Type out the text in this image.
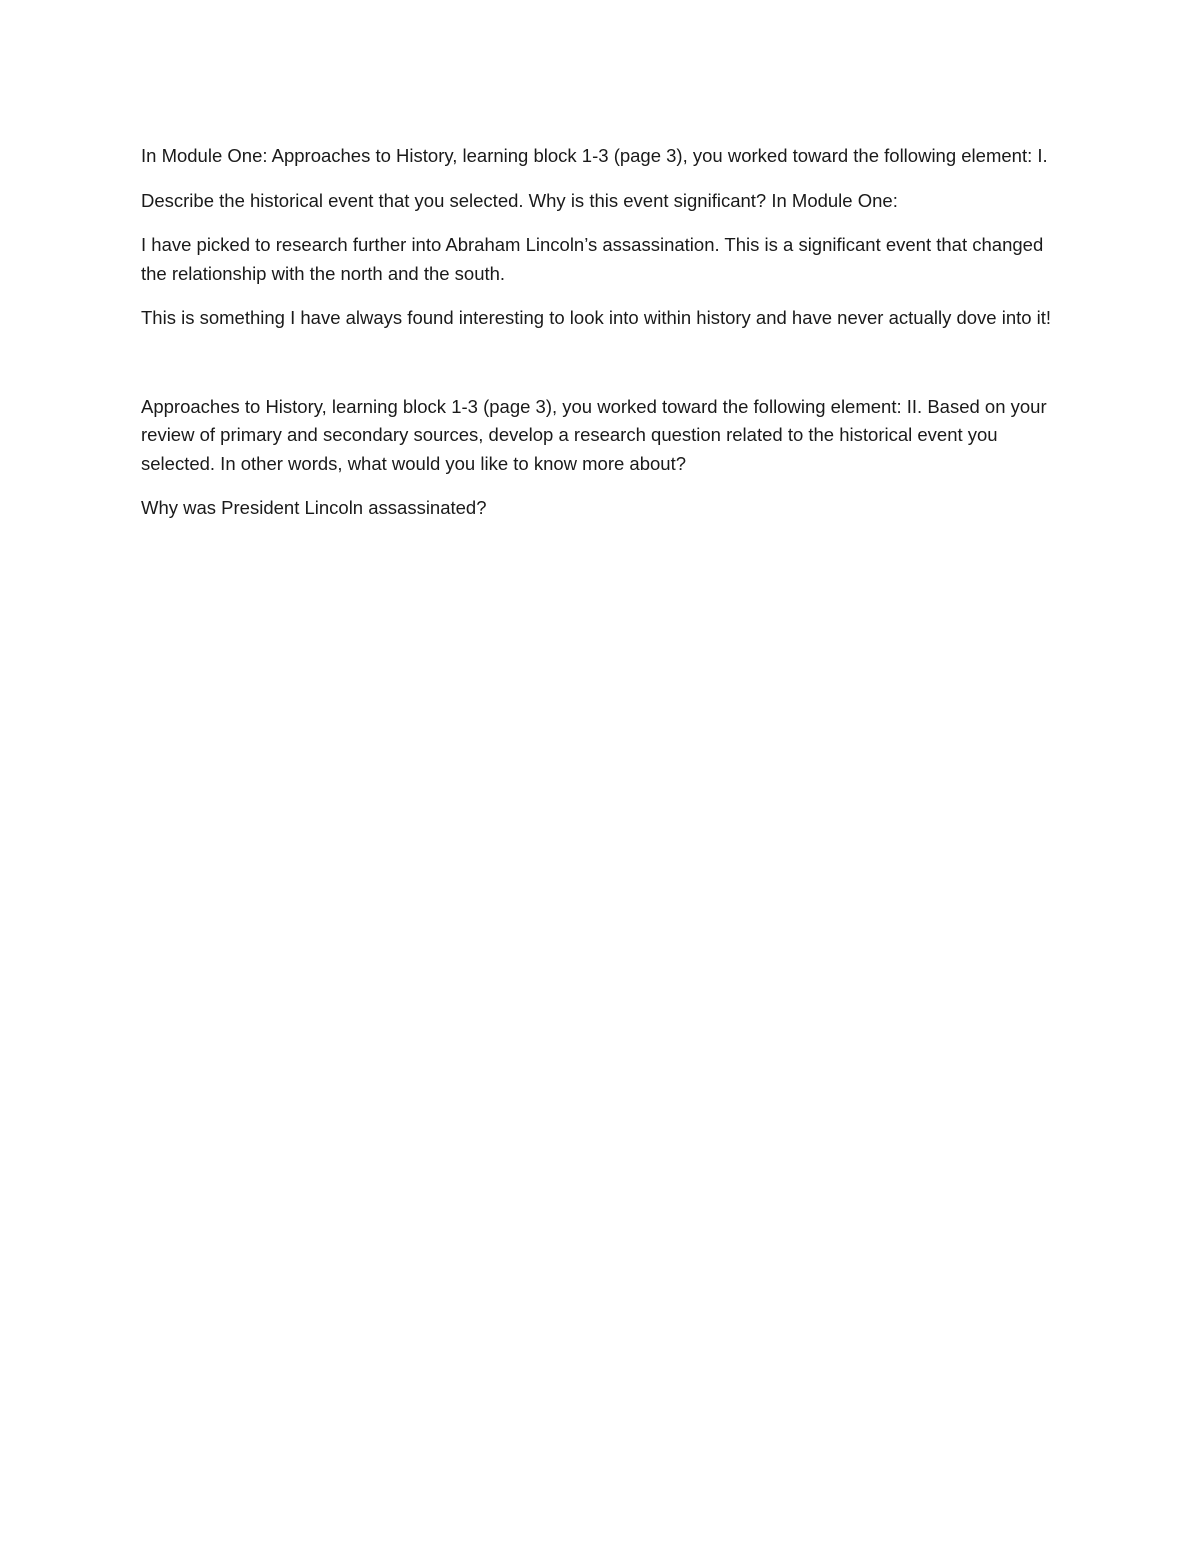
In Module One: Approaches to History, learning block 1-3 (page 3), you worked toward the following element: I.

Describe the historical event that you selected. Why is this event significant? In Module One:

I have picked to research further into Abraham Lincoln’s assassination. This is a significant event that changed the relationship with the north and the south.

This is something I have always found interesting to look into within history and have never actually dove into it!

Approaches to History, learning block 1-3 (page 3), you worked toward the following element: II. Based on your review of primary and secondary sources, develop a research question related to the historical event you selected. In other words, what would you like to know more about?

Why was President Lincoln assassinated?
